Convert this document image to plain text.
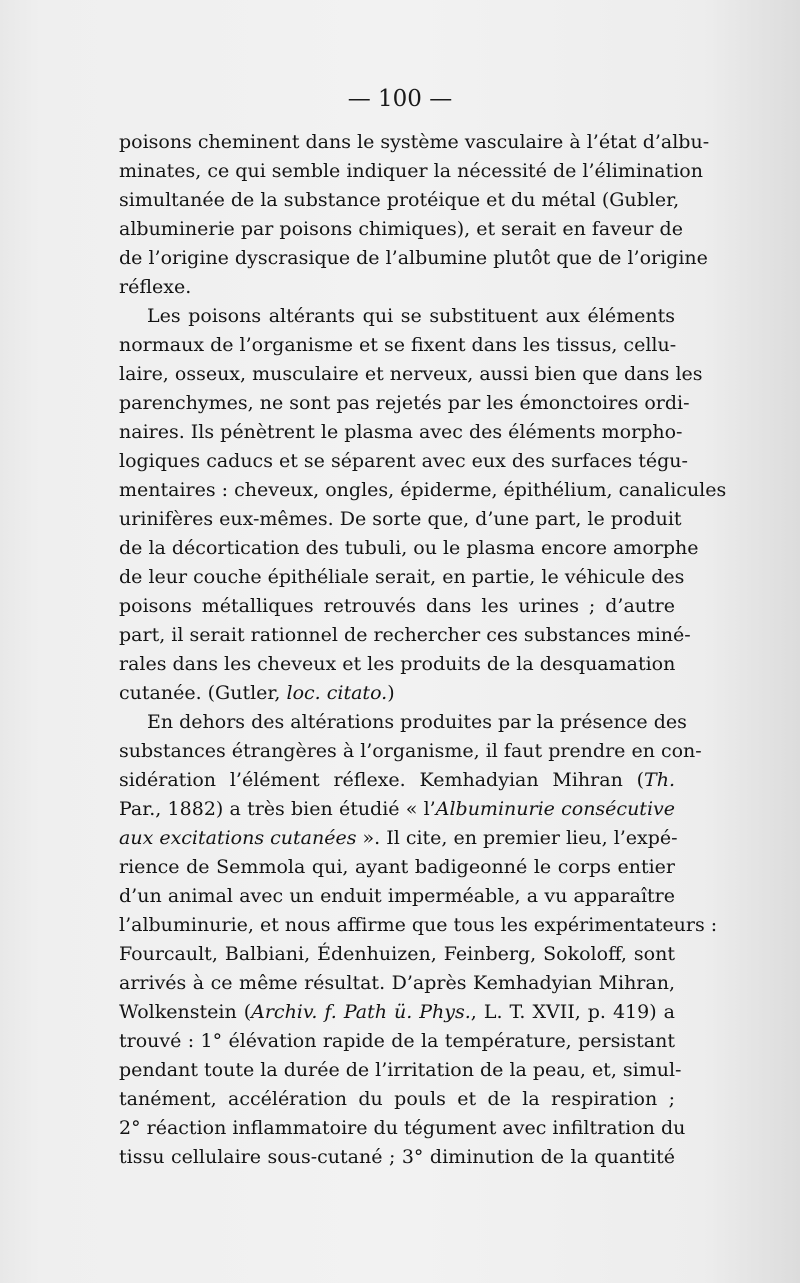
— 100 —
poisons cheminent dans le système vasculaire à l’état d’albu-
minates, ce qui semble indiquer la nécessité de l’élimination
simultanée de la substance protéique et du métal (Gubler,
albuminerie par poisons chimiques), et serait en faveur de
de l’origine dyscrasique de l’albumine plutôt que de l’origine
réflexe.
Les poisons altérants qui se substituent aux éléments
normaux de l’organisme et se fixent dans les tissus, cellu-
laire, osseux, musculaire et nerveux, aussi bien que dans les
parenchymes, ne sont pas rejetés par les émonctoires ordi-
naires. Ils pénètrent le plasma avec des éléments morpho-
logiques caducs et se séparent avec eux des surfaces tégu-
mentaires : cheveux, ongles, épiderme, épithélium, canalicules
urinifères eux-mêmes. De sorte que, d’une part, le produit
de la décortication des tubuli, ou le plasma encore amorphe
de leur couche épithéliale serait, en partie, le véhicule des
poisons métalliques retrouvés dans les urines ; d’autre
part, il serait rationnel de rechercher ces substances miné-
rales dans les cheveux et les produits de la desquamation
cutanée. (Gutler, loc. citato.)
En dehors des altérations produites par la présence des
substances étrangères à l’organisme, il faut prendre en con-
sidération l’élément réflexe. Kemhadyian Mihran (Th.
Par., 1882) a très bien étudié « l’Albuminurie consécutive
aux excitations cutanées ». Il cite, en premier lieu, l’expé-
rience de Semmola qui, ayant badigeonné le corps entier
d’un animal avec un enduit imperméable, a vu apparaître
l’albuminurie, et nous affirme que tous les expérimentateurs :
Fourcault, Balbiani, Édenhuizen, Feinberg, Sokoloff, sont
arrivés à ce même résultat. D’après Kemhadyian Mihran,
Wolkenstein (Archiv. f. Path ü. Phys., L. T. XVII, p. 419) a
trouvé : 1° élévation rapide de la température, persistant
pendant toute la durée de l’irritation de la peau, et, simul-
tanément, accélération du pouls et de la respiration ;
2° réaction inflammatoire du tégument avec infiltration du
tissu cellulaire sous-cutané ; 3° diminution de la quantité
